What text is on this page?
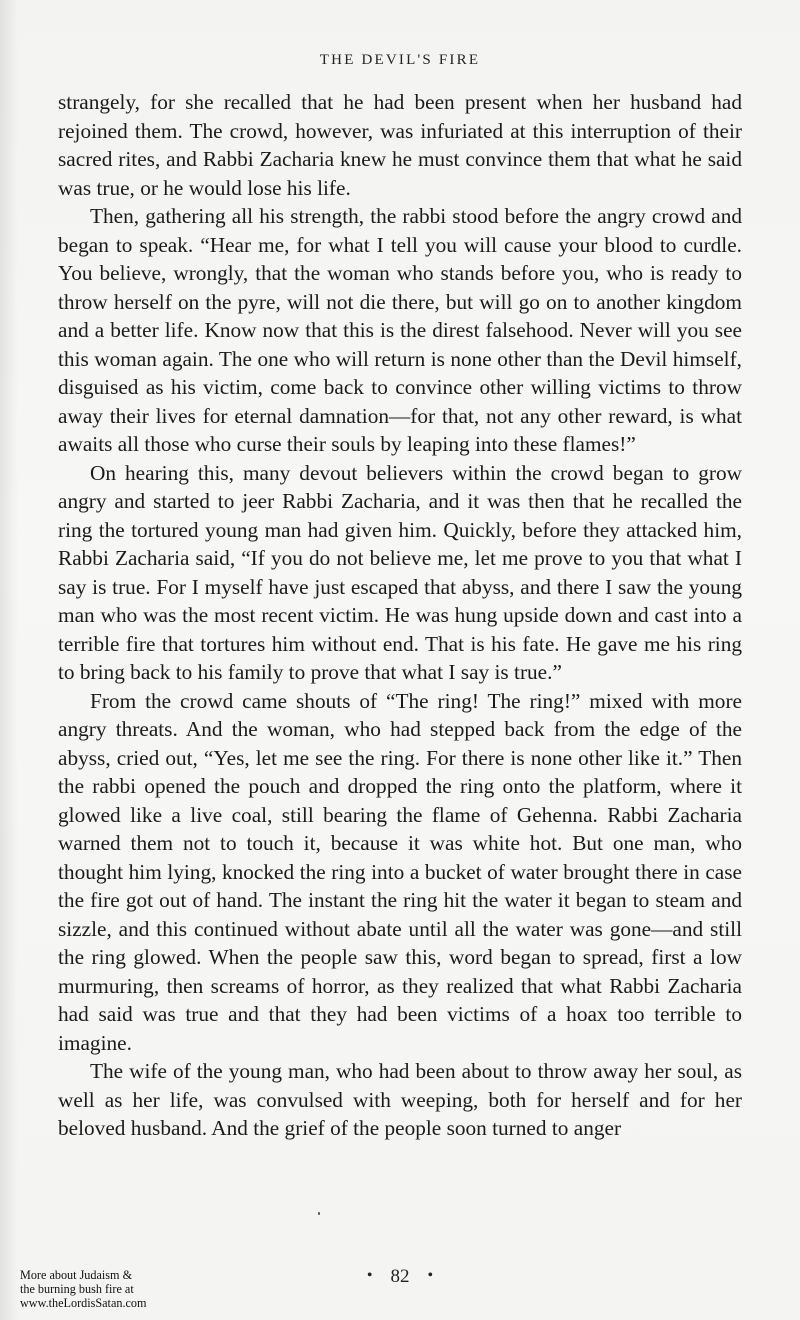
THE DEVIL'S FIRE

strangely, for she recalled that he had been present when her husband had rejoined them. The crowd, however, was infuriated at this interruption of their sacred rites, and Rabbi Zacharia knew he must convince them that what he said was true, or he would lose his life.

Then, gathering all his strength, the rabbi stood before the angry crowd and began to speak. “Hear me, for what I tell you will cause your blood to curdle. You believe, wrongly, that the woman who stands before you, who is ready to throw herself on the pyre, will not die there, but will go on to another kingdom and a better life. Know now that this is the direst falsehood. Never will you see this woman again. The one who will return is none other than the Devil himself, disguised as his victim, come back to convince other willing victims to throw away their lives for eternal damnation—for that, not any other reward, is what awaits all those who curse their souls by leaping into these flames!”

On hearing this, many devout believers within the crowd began to grow angry and started to jeer Rabbi Zacharia, and it was then that he recalled the ring the tortured young man had given him. Quickly, before they attacked him, Rabbi Zacharia said, “If you do not believe me, let me prove to you that what I say is true. For I myself have just escaped that abyss, and there I saw the young man who was the most recent victim. He was hung upside down and cast into a terrible fire that tortures him without end. That is his fate. He gave me his ring to bring back to his family to prove that what I say is true.”

From the crowd came shouts of “The ring! The ring!” mixed with more angry threats. And the woman, who had stepped back from the edge of the abyss, cried out, “Yes, let me see the ring. For there is none other like it.” Then the rabbi opened the pouch and dropped the ring onto the platform, where it glowed like a live coal, still bearing the flame of Gehenna. Rabbi Zacharia warned them not to touch it, because it was white hot. But one man, who thought him lying, knocked the ring into a bucket of water brought there in case the fire got out of hand. The instant the ring hit the water it began to steam and sizzle, and this continued without abate until all the water was gone—and still the ring glowed. When the people saw this, word began to spread, first a low murmuring, then screams of horror, as they realized that what Rabbi Zacharia had said was true and that they had been victims of a hoax too terrible to imagine.

The wife of the young man, who had been about to throw away her soul, as well as her life, was convulsed with weeping, both for herself and for her beloved husband. And the grief of the people soon turned to anger

• 82 •
More about Judaism &
the burning bush fire at
www.theLordisSatan.com
